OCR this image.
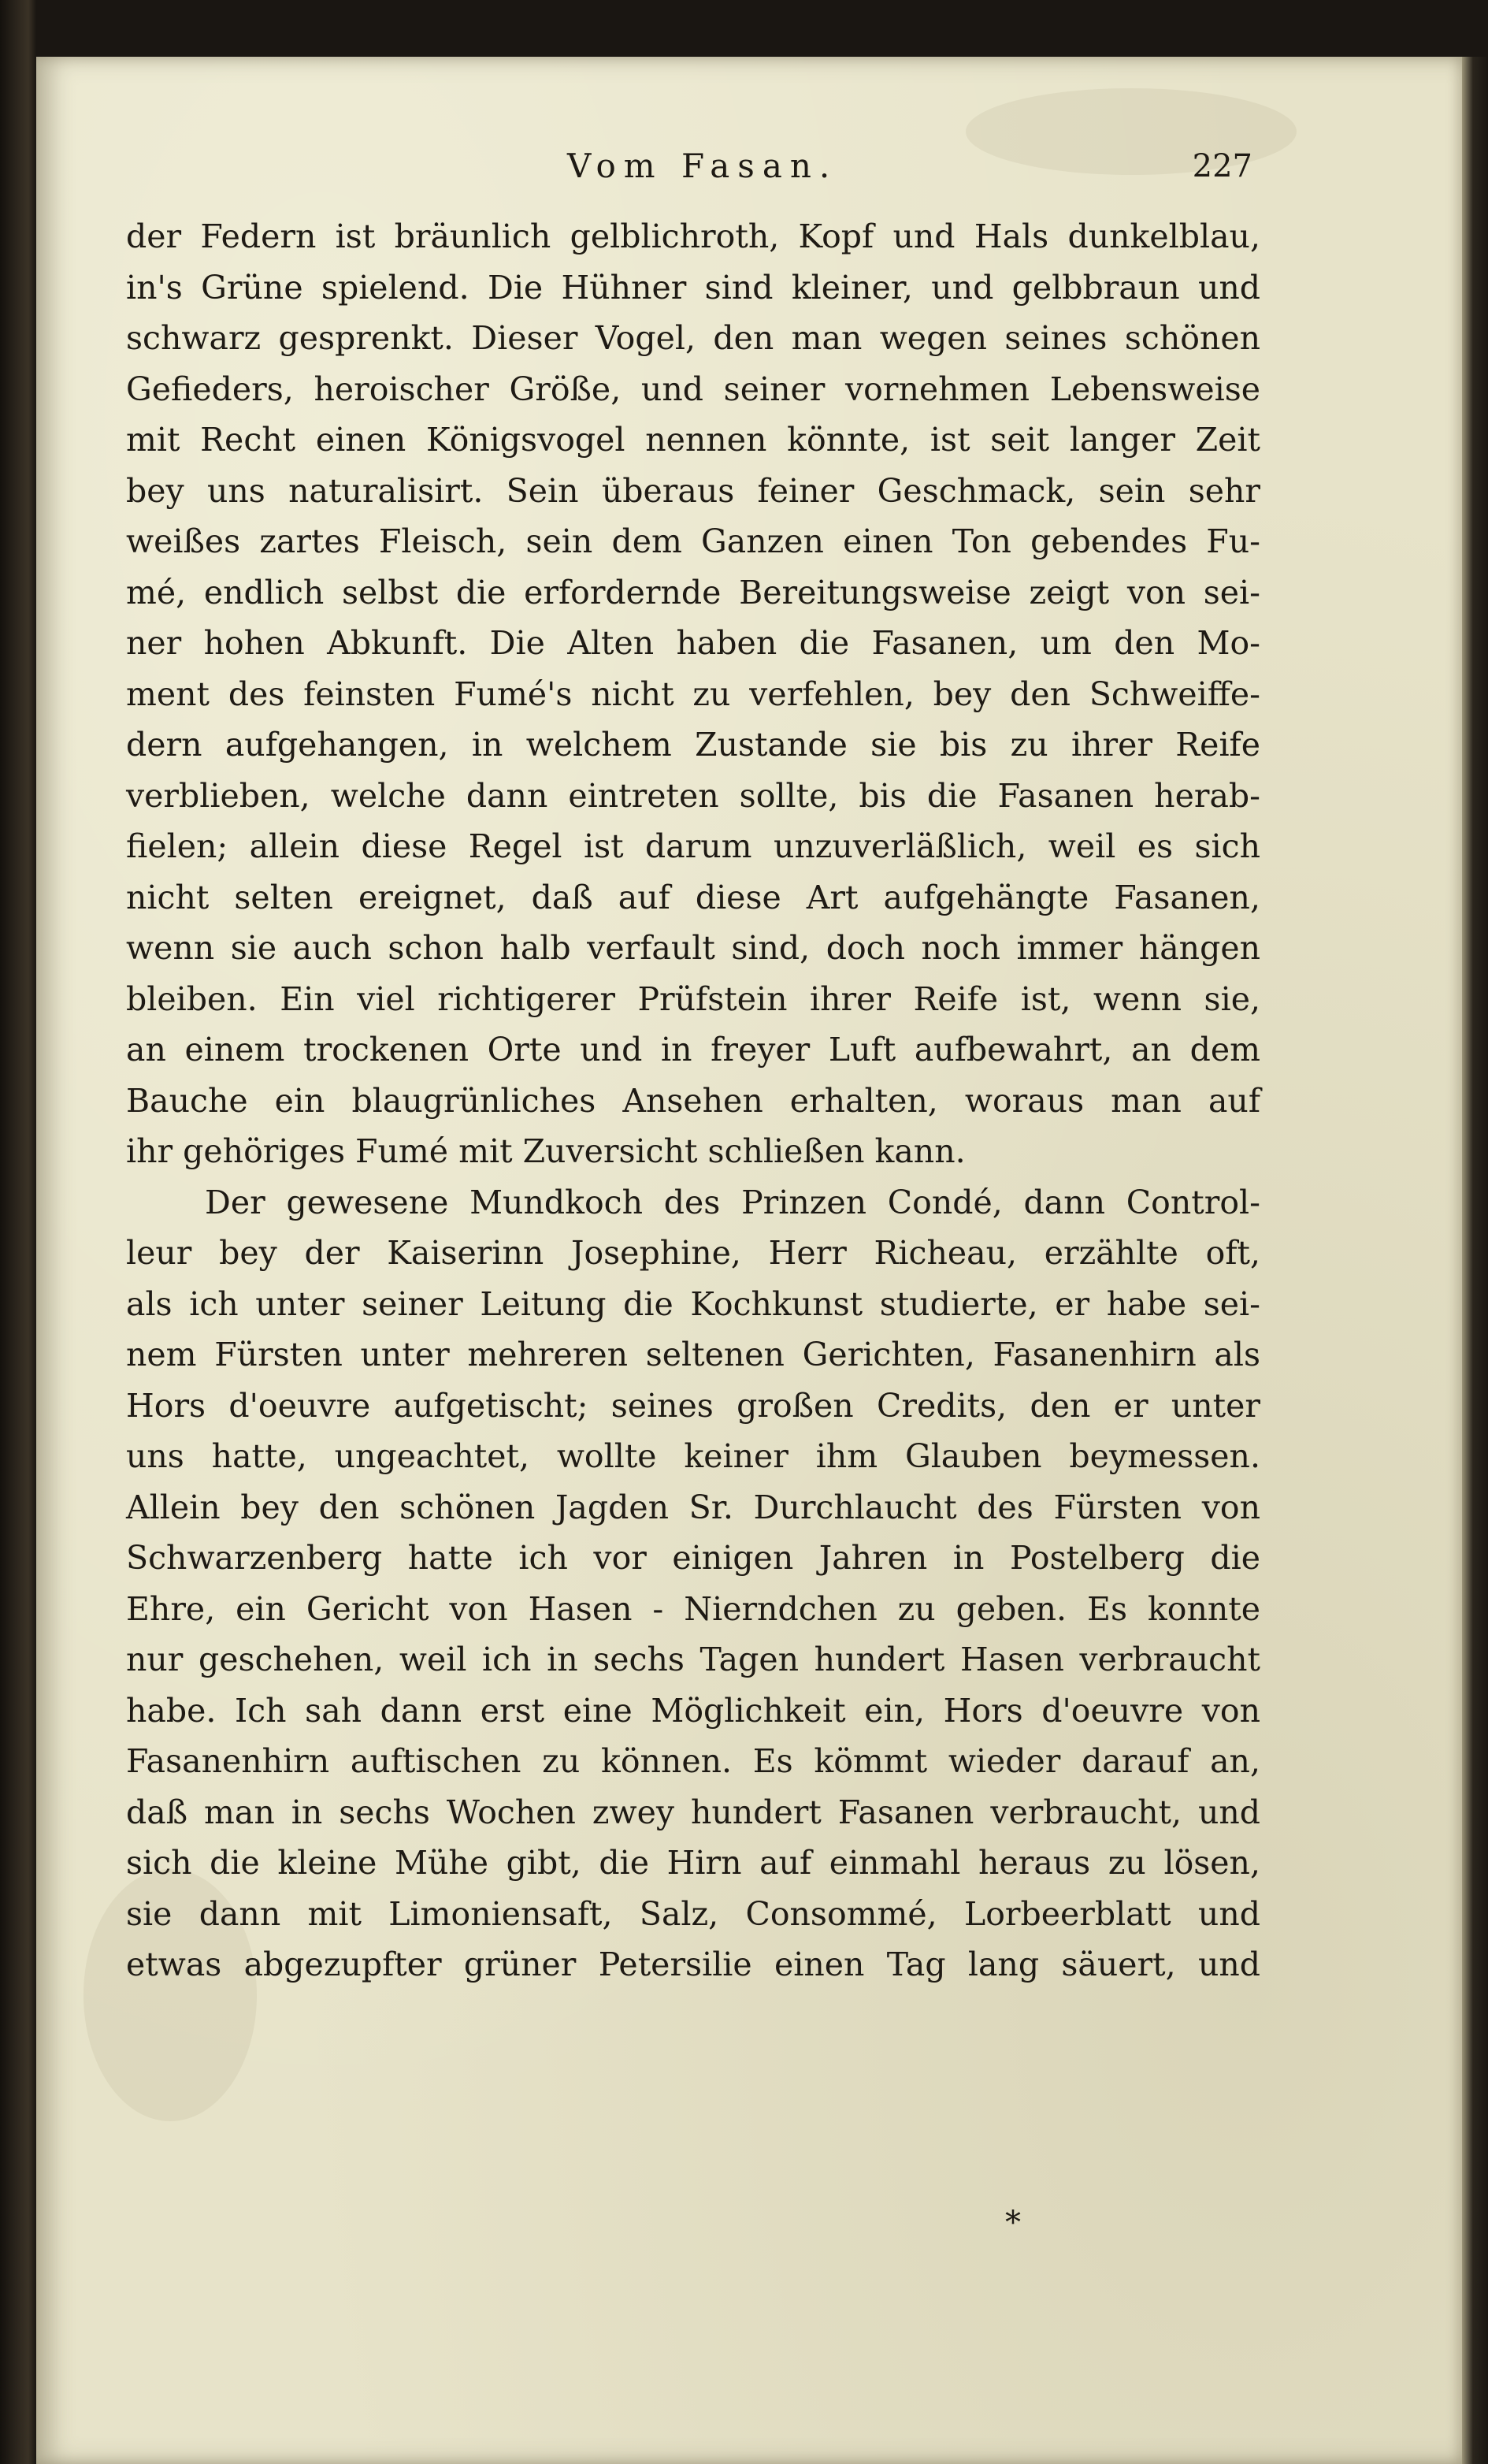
Vom Fasan.	227
der Federn ist bräunlich gelblichroth, Kopf und Hals dunkelblau,
in's Grüne spielend. Die Hühner sind kleiner, und gelbbraun und
schwarz gesprenkt. Dieser Vogel, den man wegen seines schönen
Gefieders, heroischer Größe, und seiner vornehmen Lebensweise
mit Recht einen Königsvogel nennen könnte, ist seit langer Zeit
bey uns naturalisirt. Sein überaus feiner Geschmack, sein sehr
weißes zartes Fleisch, sein dem Ganzen einen Ton gebendes Fu-
mé, endlich selbst die erfordernde Bereitungsweise zeigt von sei-
ner hohen Abkunft. Die Alten haben die Fasanen, um den Mo-
ment des feinsten Fumé's nicht zu verfehlen, bey den Schweiffe-
dern aufgehangen, in welchem Zustande sie bis zu ihrer Reife
verblieben, welche dann eintreten sollte, bis die Fasanen herab-
fielen; allein diese Regel ist darum unzuverläßlich, weil es sich
nicht selten ereignet, daß auf diese Art aufgehängte Fasanen,
wenn sie auch schon halb verfault sind, doch noch immer hängen
bleiben. Ein viel richtigerer Prüfstein ihrer Reife ist, wenn sie,
an einem trockenen Orte und in freyer Luft aufbewahrt, an dem
Bauche ein blaugrünliches Ansehen erhalten, woraus man auf
ihr gehöriges Fumé mit Zuversicht schließen kann.
Der gewesene Mundkoch des Prinzen Condé, dann Control-
leur bey der Kaiserinn Josephine, Herr Richeau, erzählte oft,
als ich unter seiner Leitung die Kochkunst studierte, er habe sei-
nem Fürsten unter mehreren seltenen Gerichten, Fasanenhirn als
Hors d'oeuvre aufgetischt; seines großen Credits, den er unter
uns hatte, ungeachtet, wollte keiner ihm Glauben beymessen.
Allein bey den schönen Jagden Sr. Durchlaucht des Fürsten von
Schwarzenberg hatte ich vor einigen Jahren in Postelberg die
Ehre, ein Gericht von Hasen - Nierndchen zu geben. Es konnte
nur geschehen, weil ich in sechs Tagen hundert Hasen verbraucht
habe. Ich sah dann erst eine Möglichkeit ein, Hors d'oeuvre von
Fasanenhirn auftischen zu können. Es kömmt wieder darauf an,
daß man in sechs Wochen zwey hundert Fasanen verbraucht, und
sich die kleine Mühe gibt, die Hirn auf einmahl heraus zu lösen,
sie dann mit Limoniensaft, Salz, Consommé, Lorbeerblatt und
etwas abgezupfter grüner Petersilie einen Tag lang säuert, und
*
